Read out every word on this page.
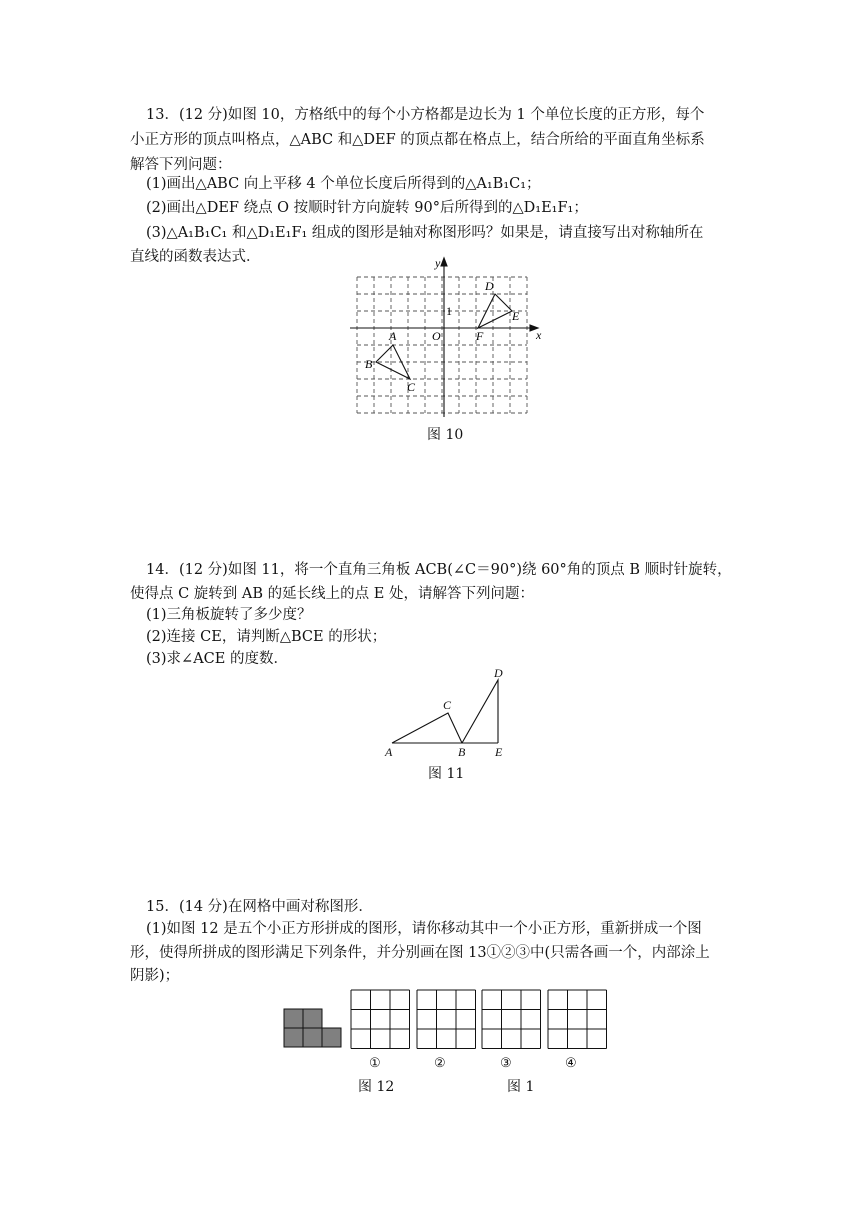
13．(12 分)如图 10，方格纸中的每个小方格都是边长为 1 个单位长度的正方形，每个
小正方形的顶点叫格点，△ABC 和△DEF 的顶点都在格点上，结合所给的平面直角坐标系
解答下列问题：
(1)画出△ABC 向上平移 4 个单位长度后所得到的△A₁B₁C₁；
(2)画出△DEF 绕点 O 按顺时针方向旋转 90°后所得到的△D₁E₁F₁；
(3)△A₁B₁C₁ 和△D₁E₁F₁ 组成的图形是轴对称图形吗？如果是，请直接写出对称轴所在
直线的函数表达式．
A
B
C
D
E
F	x
y
O
1
图 10
14．(12 分)如图 11，将一个直角三角板 ACB(∠C＝90°)绕 60°角的顶点 B 顺时针旋转，
使得点 C 旋转到 AB 的延长线上的点 E 处，请解答下列问题：
(1)三角板旋转了多少度？
(2)连接 CE，请判断△BCE 的形状；
(3)求∠ACE 的度数．
A	B
C
D
E
图 11
15．(14 分)在网格中画对称图形．
(1)如图 12 是五个小正方形拼成的图形，请你移动其中一个小正方形，重新拼成一个图
形，使得所拼成的图形满足下列条件，并分别画在图 13①②③中(只需各画一个，内部涂上
阴影)；
①	②	③	④
图 12	图 1
